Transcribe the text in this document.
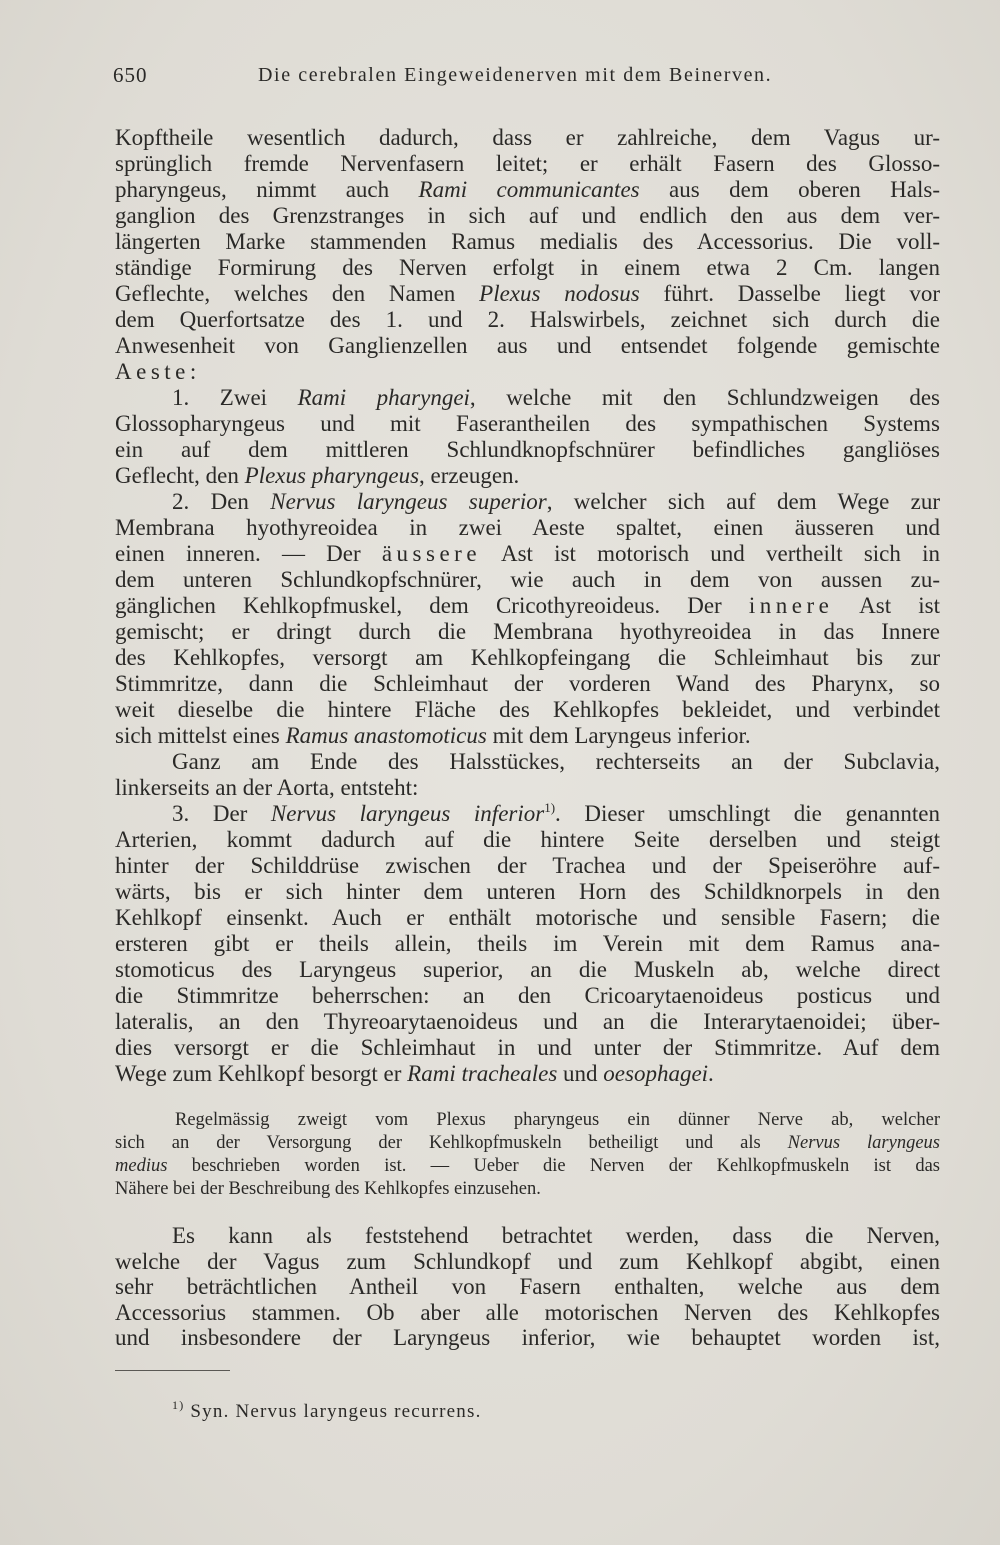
650	Die cerebralen Eingeweidenerven mit dem Beinerven.
Kopftheile wesentlich dadurch, dass er zahlreiche, dem Vagus ur-
sprünglich fremde Nervenfasern leitet; er erhält Fasern des Glosso-
pharyngeus, nimmt auch Rami communicantes aus dem oberen Hals-
ganglion des Grenzstranges in sich auf und endlich den aus dem ver-
längerten Marke stammenden Ramus medialis des Accessorius. Die voll-
ständige Formirung des Nerven erfolgt in einem etwa 2 Cm. langen
Geflechte, welches den Namen Plexus nodosus führt. Dasselbe liegt vor
dem Querfortsatze des 1. und 2. Halswirbels, zeichnet sich durch die
Anwesenheit von Ganglienzellen aus und entsendet folgende gemischte
Aeste:
1. Zwei Rami pharyngei, welche mit den Schlundzweigen des
Glossopharyngeus und mit Faserantheilen des sympathischen Systems
ein auf dem mittleren Schlundknopfschnürer befindliches gangliöses
Geflecht, den Plexus pharyngeus, erzeugen.
2. Den Nervus laryngeus superior, welcher sich auf dem Wege zur
Membrana hyothyreoidea in zwei Aeste spaltet, einen äusseren und
einen inneren. — Der äussere Ast ist motorisch und vertheilt sich in
dem unteren Schlundkopfschnürer, wie auch in dem von aussen zu-
gänglichen Kehlkopfmuskel, dem Cricothyreoideus. Der innere Ast ist
gemischt; er dringt durch die Membrana hyothyreoidea in das Innere
des Kehlkopfes, versorgt am Kehlkopfeingang die Schleimhaut bis zur
Stimmritze, dann die Schleimhaut der vorderen Wand des Pharynx, so
weit dieselbe die hintere Fläche des Kehlkopfes bekleidet, und verbindet
sich mittelst eines Ramus anastomoticus mit dem Laryngeus inferior.
Ganz am Ende des Halsstückes, rechterseits an der Subclavia,
linkerseits an der Aorta, entsteht:
3. Der Nervus laryngeus inferior$^{1)}$. Dieser umschlingt die genannten
Arterien, kommt dadurch auf die hintere Seite derselben und steigt
hinter der Schilddrüse zwischen der Trachea und der Speiseröhre auf-
wärts, bis er sich hinter dem unteren Horn des Schildknorpels in den
Kehlkopf einsenkt. Auch er enthält motorische und sensible Fasern; die
ersteren gibt er theils allein, theils im Verein mit dem Ramus ana-
stomoticus des Laryngeus superior, an die Muskeln ab, welche direct
die Stimmritze beherrschen: an den Cricoarytaenoideus posticus und
lateralis, an den Thyreoarytaenoideus und an die Interarytaenoidei; über-
dies versorgt er die Schleimhaut in und unter der Stimmritze. Auf dem
Wege zum Kehlkopf besorgt er Rami tracheales und oesophagei.
Regelmässig zweigt vom Plexus pharyngeus ein dünner Nerve ab, welcher
sich an der Versorgung der Kehlkopfmuskeln betheiligt und als Nervus laryngeus
medius beschrieben worden ist. — Ueber die Nerven der Kehlkopfmuskeln ist das
Nähere bei der Beschreibung des Kehlkopfes einzusehen.
Es kann als feststehend betrachtet werden, dass die Nerven,
welche der Vagus zum Schlundkopf und zum Kehlkopf abgibt, einen
sehr beträchtlichen Antheil von Fasern enthalten, welche aus dem
Accessorius stammen. Ob aber alle motorischen Nerven des Kehlkopfes
und insbesondere der Laryngeus inferior, wie behauptet worden ist,
$^{1)}$ Syn. Nervus laryngeus recurrens.
